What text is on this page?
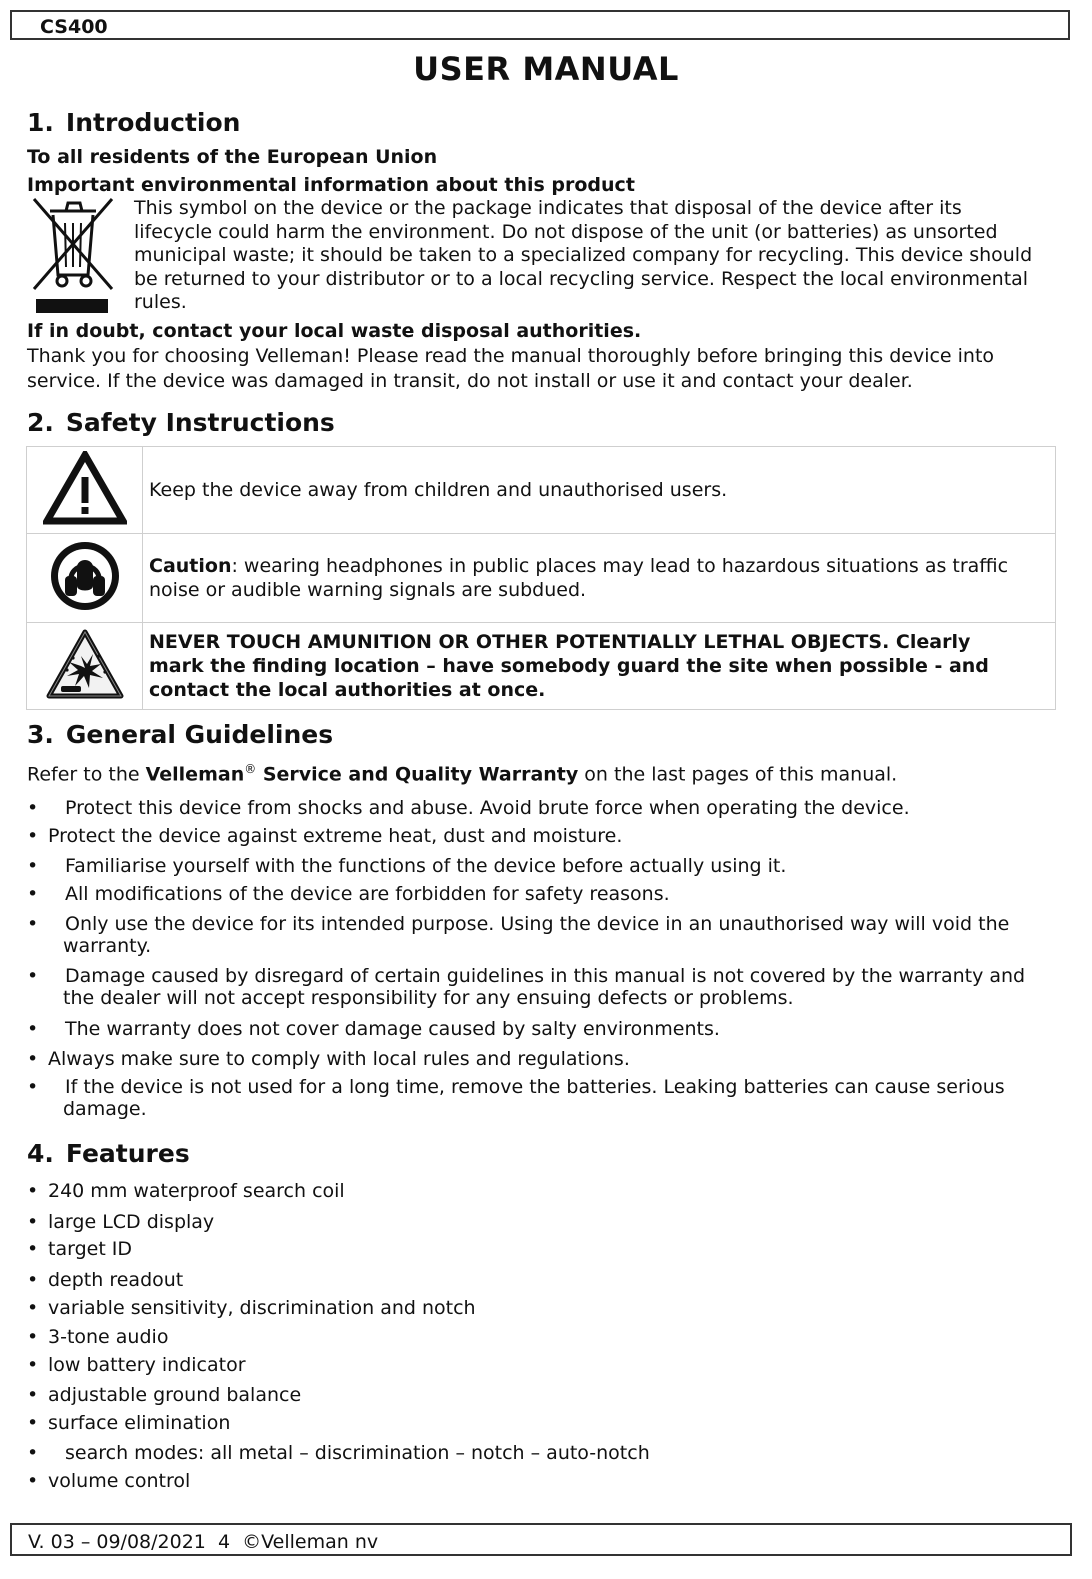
CS400
USER MANUAL
1. Introduction
To all residents of the European Union
Important environmental information about this product
This symbol on the device or the package indicates that disposal of the device after its
lifecycle could harm the environment. Do not dispose of the unit (or batteries) as unsorted
municipal waste; it should be taken to a specialized company for recycling. This device should
be returned to your distributor or to a local recycling service. Respect the local environmental
rules.
If in doubt, contact your local waste disposal authorities.
Thank you for choosing Velleman! Please read the manual thoroughly before bringing this device into
service. If the device was damaged in transit, do not install or use it and contact your dealer.
2. Safety Instructions
	Keep the device away from children and unauthorised users.

Caution: wearing headphones in public places may lead to hazardous situations as traffic
noise or audible warning signals are subdued.

NEVER TOUCH AMUNITION OR OTHER POTENTIALLY LETHAL OBJECTS. Clearly
mark the finding location – have somebody guard the site when possible - and
contact the local authorities at once.
3. General Guidelines
Refer to the Velleman® Service and Quality Warranty on the last pages of this manual.
• Protect this device from shocks and abuse. Avoid brute force when operating the device.
• Protect the device against extreme heat, dust and moisture.
• Familiarise yourself with the functions of the device before actually using it.
• All modifications of the device are forbidden for safety reasons.
• Only use the device for its intended purpose. Using the device in an unauthorised way will void the
warranty.
• Damage caused by disregard of certain guidelines in this manual is not covered by the warranty and
the dealer will not accept responsibility for any ensuing defects or problems.
• The warranty does not cover damage caused by salty environments.
• Always make sure to comply with local rules and regulations.
• If the device is not used for a long time, remove the batteries. Leaking batteries can cause serious
damage.
4. Features
• 240 mm waterproof search coil
• large LCD display
• target ID
• depth readout
• variable sensitivity, discrimination and notch
• 3-tone audio
• low battery indicator
• adjustable ground balance
• surface elimination
• search modes: all metal – discrimination – notch – auto-notch
• volume control
V. 03 – 09/08/2021  4  ©Velleman nv
